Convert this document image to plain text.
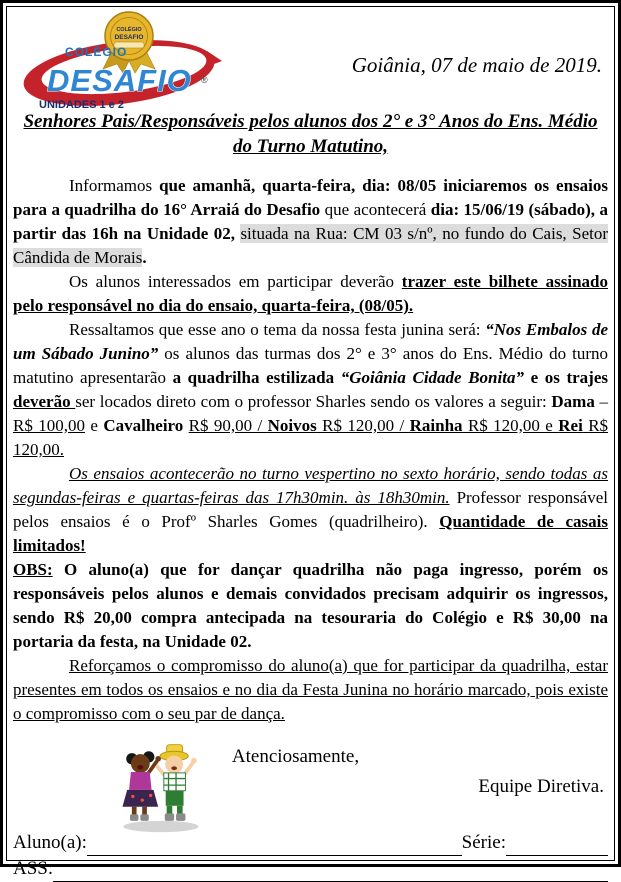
COLÉGIO
DESAFIO
COLÉGIO
DESAFIO ®
UNIDADES 1 e 2
Goiânia, 07 de maio de 2019.
Senhores Pais/Responsáveis pelos alunos dos 2° e 3° Anos do Ens. Médio do Turno Matutino,

Informamos que amanhã, quarta-feira, dia: 08/05 iniciaremos os ensaios para a quadrilha do 16° Arraiá do Desafio que acontecerá dia: 15/06/19 (sábado), a partir das 16h na Unidade 02, situada na Rua: CM 03 s/nº, no fundo do Cais, Setor Cândida de Morais.

Os alunos interessados em participar deverão trazer este bilhete assinado pelo responsável no dia do ensaio, quarta-feira, (08/05).

Ressaltamos que esse ano o tema da nossa festa junina será: “Nos Embalos de um Sábado Junino” os alunos das turmas dos 2° e 3° anos do Ens. Médio do turno matutino apresentarão a quadrilha estilizada “Goiânia Cidade Bonita” e os trajes deverão ser locados direto com o professor Sharles sendo os valores a seguir: Dama – R$ 100,00 e Cavalheiro R$ 90,00 / Noivos R$ 120,00 / Rainha R$ 120,00 e Rei R$ 120,00.

Os ensaios acontecerão no turno vespertino no sexto horário, sendo todas as segundas-feiras e quartas-feiras das 17h30min. às 18h30min. Professor responsável pelos ensaios é o Profº Sharles Gomes (quadrilheiro). Quantidade de casais limitados!

OBS: O aluno(a) que for dançar quadrilha não paga ingresso, porém os responsáveis pelos alunos e demais convidados precisam adquirir os ingressos, sendo R$ 20,00 compra antecipada na tesouraria do Colégio e R$ 30,00 na portaria da festa, na Unidade 02.

Reforçamos o compromisso do aluno(a) que for participar da quadrilha, estar presentes em todos os ensaios e no dia da Festa Junina no horário marcado, pois existe o compromisso com o seu par de dança.

Atenciosamente,
Equipe Diretiva.
Aluno(a):	Série:
ASS:
